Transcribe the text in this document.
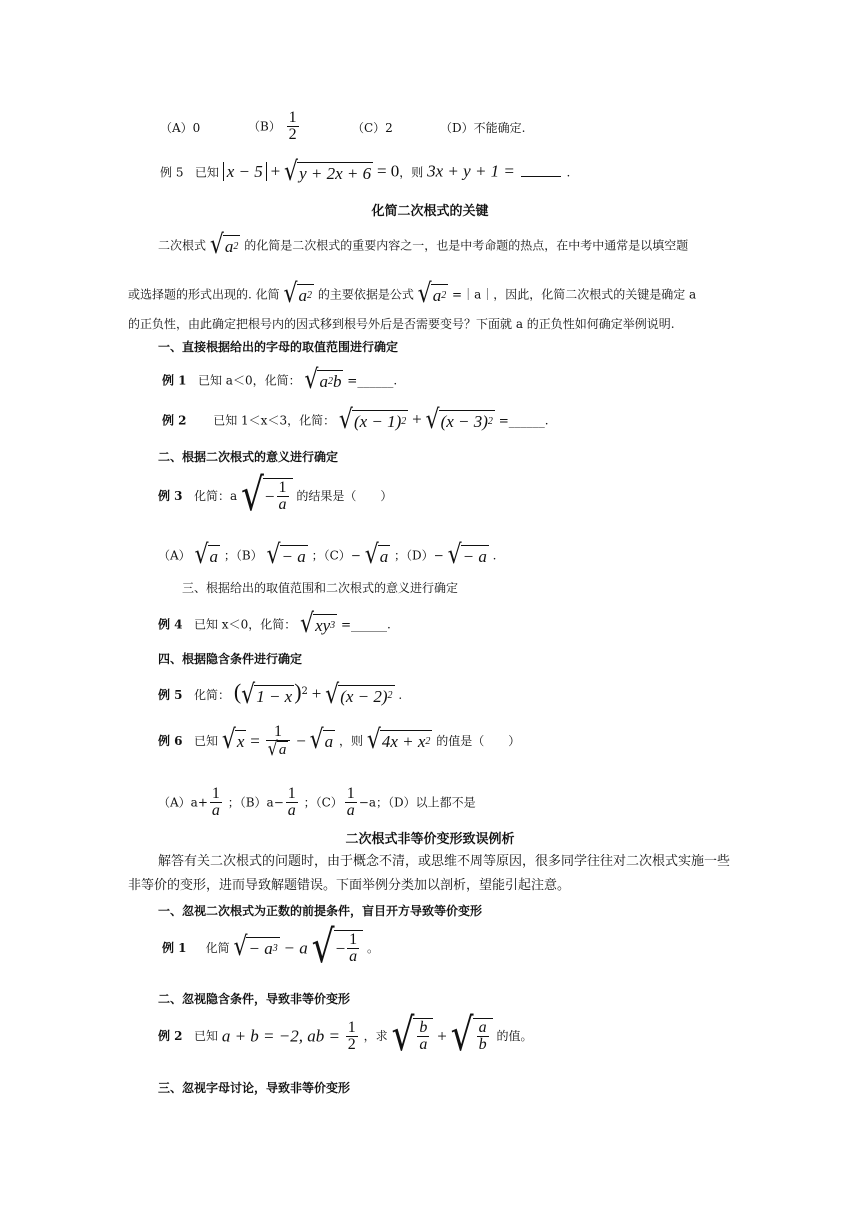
（A）0	$(B) \frac{1}{2}$	（C）2	（D）不能确定.
例 5 已知 x − 5 + √ y + 2x + 6 = 0，则 3x + y + 1 =	.
化简二次根式的关键
二次根式 √ a 2 的化简是二次根式的重要内容之一，也是中考命题的热点，在中考中通常是以填空题
或选择题的形式出现的. 化简 √ a 2 的主要依据是公式 √ a 2 =｜a｜，因此，化简二次根式的关键是确定 a
的正负性，由此确定把根号内的因式移到根号外后是否需要变号？下面就 a 的正负性如何确定举例说明.
一、直接根据给出的字母的取值范围进行确定
例 1 已知 a＜0，化简： √ a 2 b =______.
例 2 已知 1＜x＜3，化简： √ (x − 1) 2 + √ (x − 3) 2 =______.
二、根据二次根式的意义进行确定
例 3 化简：a √ − $\frac{1}{a}$ 的结果是（　　）
（A） √ a ；（B） √ − a ；（C）− √ a ；（D）− √ − a .
三、根据给出的取值范围和二次根式的意义进行确定
例 4 已知 x＜0，化简： √ xy 3 =______.
四、根据隐含条件进行确定
例 5 化简： ( √ 1 − x )$^2$ + √ (x − 2) 2 .
例 6 已知 √ $x = \frac{1}{√ a}$ − √ a ，则 √ 4x + x 2 的值是（　　）
$(A)a+ \frac{1}{a}$ ；$(B)a- \frac{1}{a}$ ；$(C) \frac{1}{a} -a$；（D）以上都不是
二次根式非等价变形致误例析
解答有关二次根式的问题时，由于概念不清，或思维不周等原因，很多同学往往对二次根式实施一些非等价的变形，进而导致解题错误。下面举例分类加以剖析，望能引起注意。
一、忽视二次根式为正数的前提条件，盲目开方导致等价变形
例 1 化简 √ − a 3 − a √ − $\frac{1}{a}$ 。
二、忽视隐含条件，导致非等价变形
例 2 已知 a + b = −2, ab = $\frac{1}{2}$ ，求 √ $\frac{b}{a}$ + √ $\frac{a}{b}$ 的值。
三、忽视字母讨论，导致非等价变形
